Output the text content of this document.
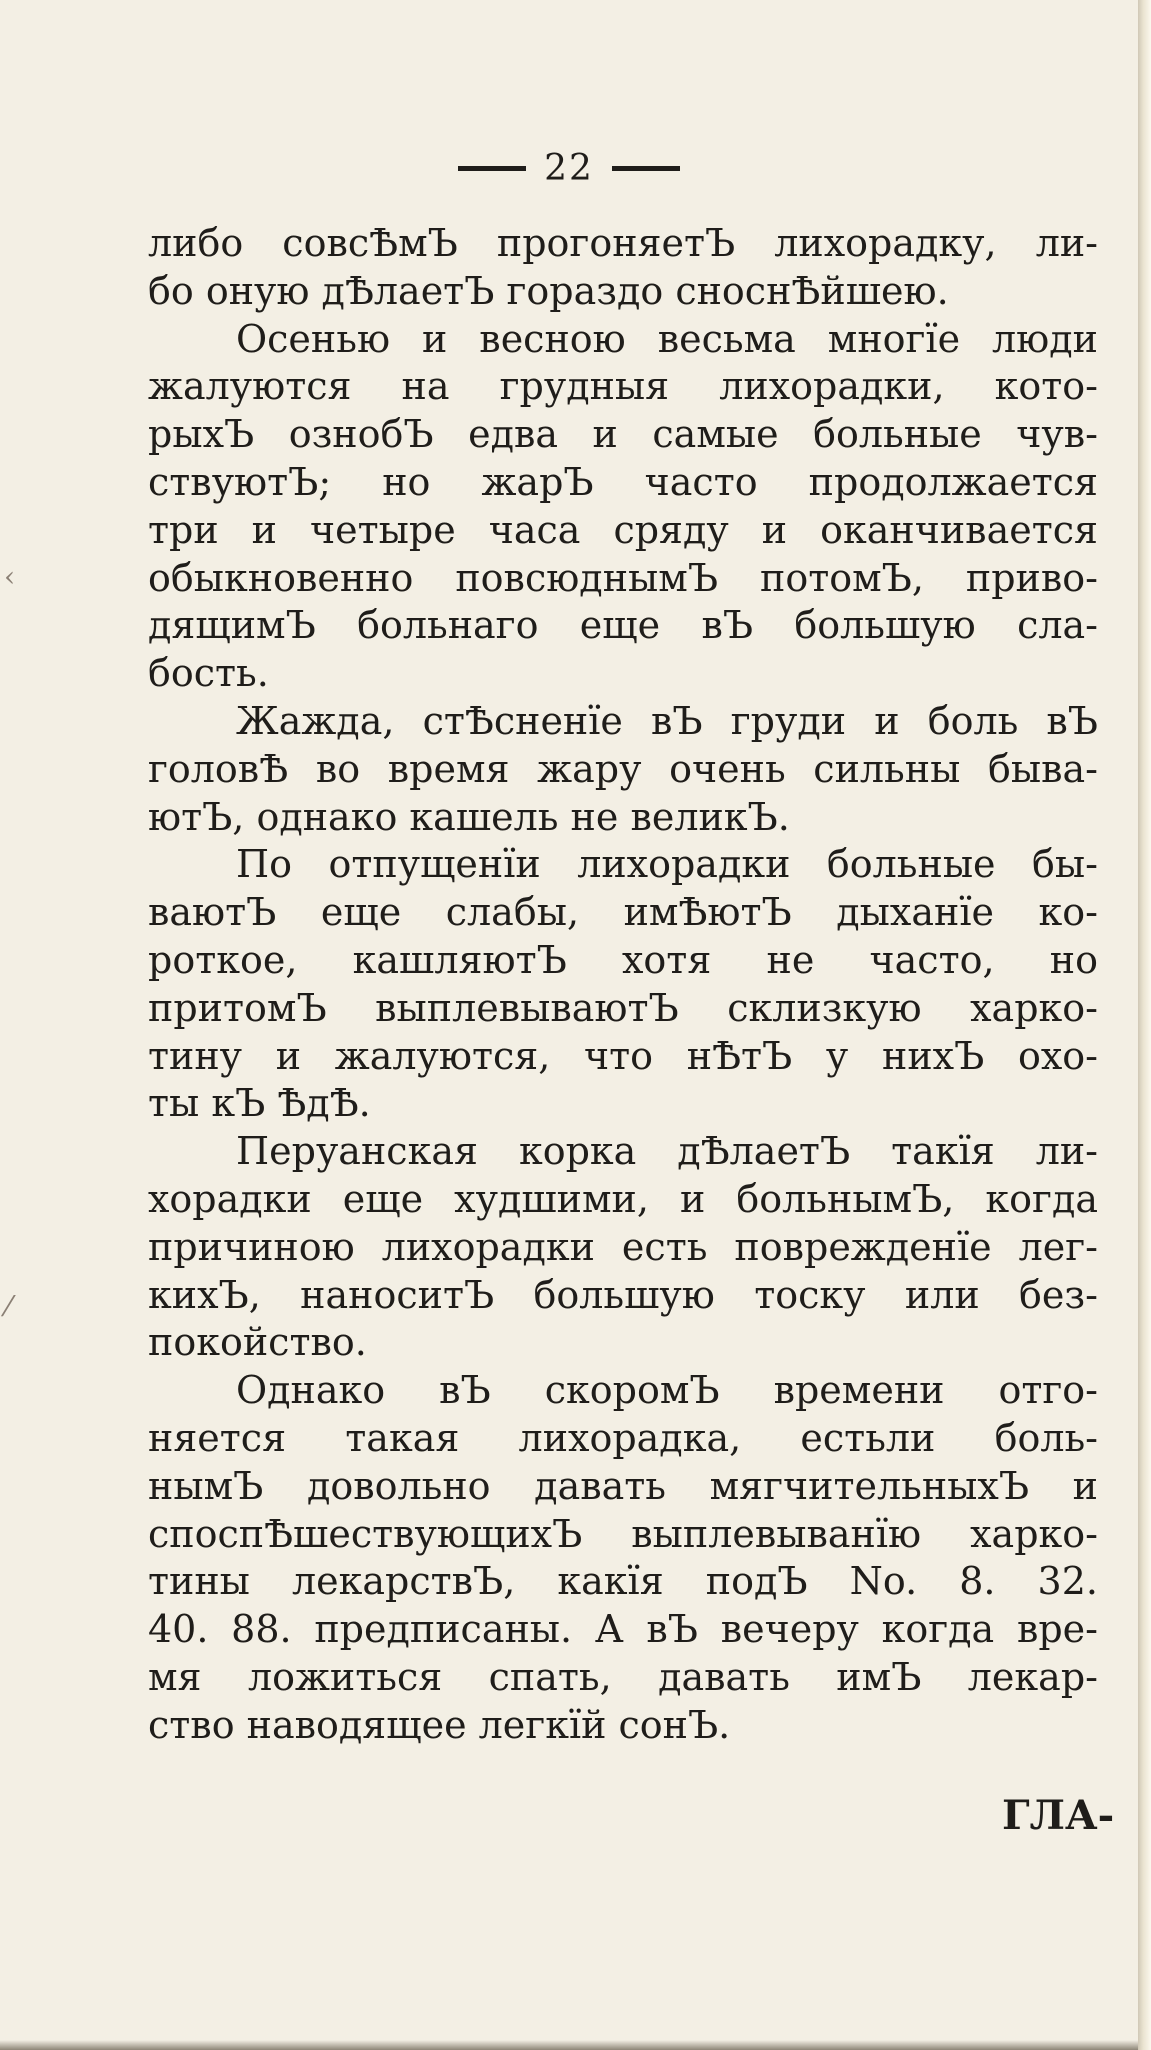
22
либо совсѢмЪ прогоняетЪ лихорадку, ли-
бо оную дѢлаетЪ гораздо сноснѢйшею.
Осенью и весною весьма многїе люди
жалуются на грудныя лихорадки, кото-
рыхЪ ознобЪ едва и самые больные чув-
ствуютЪ; но жарЪ часто продолжается
три и четыре часа сряду и оканчивается
обыкновенно повсюднымЪ потомЪ, приво-
дящимЪ больнаго еще вЪ большую сла-
бость.
Жажда, стѢсненїе вЪ груди и боль вЪ
головѢ во время жару очень сильны быва-
ютЪ, однако кашель не великЪ.
По отпущенїи лихорадки больные бы-
ваютЪ еще слабы, имѢютЪ дыханїе ко-
роткое, кашляютЪ хотя не часто, но
притомЪ выплевываютЪ склизкую харко-
тину и жалуются, что нѢтЪ у нихЪ охо-
ты кЪ ѢдѢ.
Перуанская корка дѢлаетЪ такїя ли-
хорадки еще худшими, и больнымЪ, когда
причиною лихорадки есть поврежденїе лег-
кихЪ, наноситЪ большую тоску или без-
покойство.
Однако вЪ скоромЪ времени отго-
няется такая лихорадка, естьли боль-
нымЪ довольно давать мягчительныхЪ и
споспѢшествующихЪ выплевыванїю харко-
тины лекарствЪ, какїя подЪ No. 8. 32.
40. 88. предписаны. А вЪ вечеру когда вре-
мя ложиться спать, давать имЪ лекар-
ство наводящее легкїй сонЪ.
ГЛА-
‹
⁄
